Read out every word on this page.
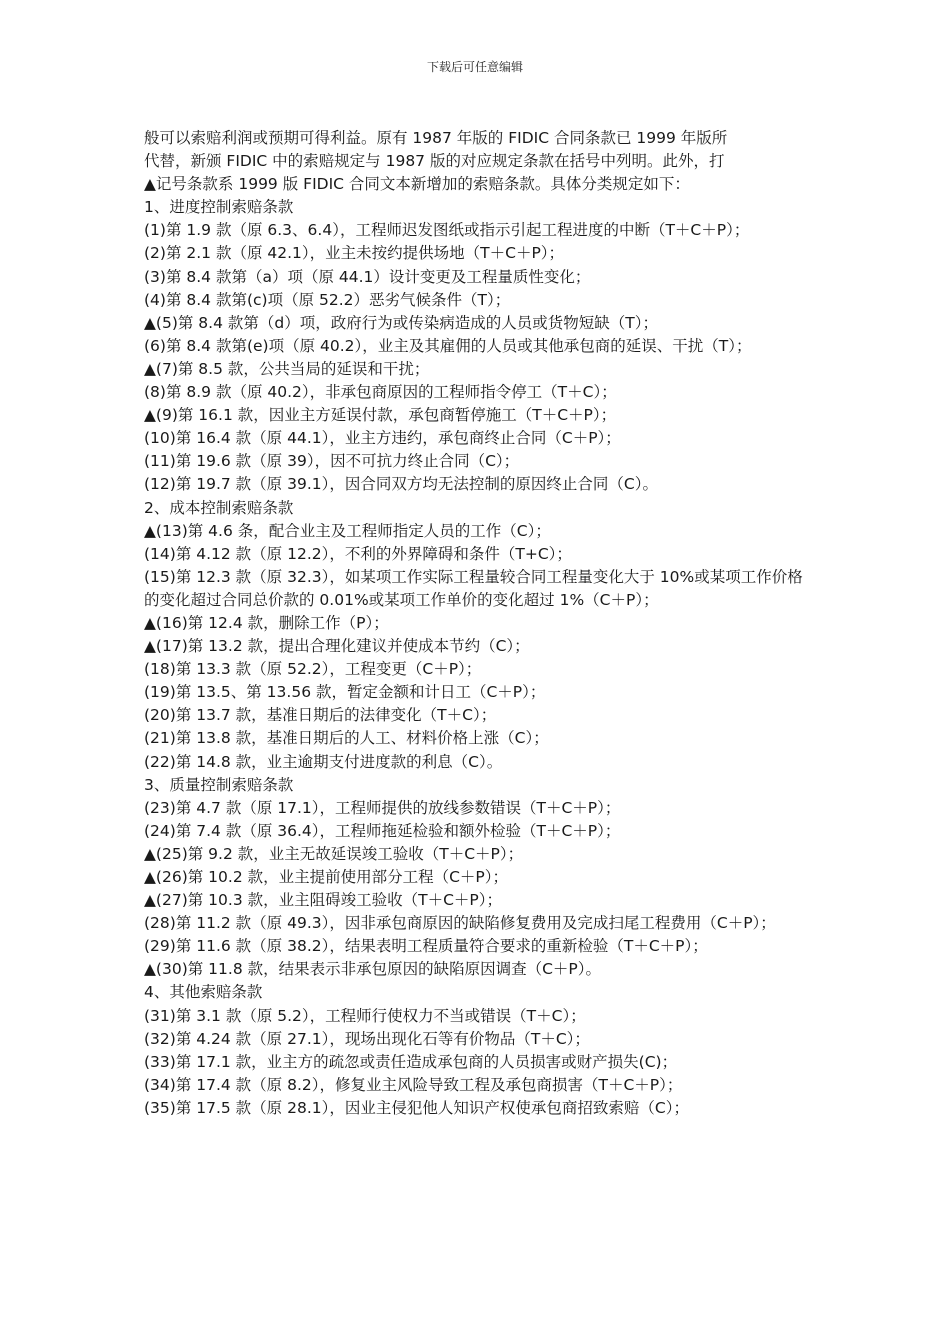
下载后可任意编辑

般可以索赔利润或预期可得利益。原有 1987 年版的 FIDIC 合同条款已 1999 年版所

代替，新颁 FIDIC 中的索赔规定与 1987 版的对应规定条款在括号中列明。此外，打

▲记号条款系 1999 版 FIDIC 合同文本新增加的索赔条款。具体分类规定如下：

1、进度控制索赔条款

(1)第 1.9 款（原 6.3、6.4），工程师迟发图纸或指示引起工程进度的中断（T＋C＋P）；

(2)第 2.1 款（原 42.1），业主未按约提供场地（T＋C＋P）；

(3)第 8.4 款第（a）项（原 44.1）设计变更及工程量质性变化；

(4)第 8.4 款第(c)项（原 52.2）恶劣气候条件（T）；

▲(5)第 8.4 款第（d）项，政府行为或传染病造成的人员或货物短缺（T）；

(6)第 8.4 款第(e)项（原 40.2），业主及其雇佣的人员或其他承包商的延误、干扰（T）；

▲(7)第 8.5 款，公共当局的延误和干扰；

(8)第 8.9 款（原 40.2），非承包商原因的工程师指令停工（T＋C）；

▲(9)第 16.1 款，因业主方延误付款，承包商暂停施工（T＋C＋P）；

(10)第 16.4 款（原 44.1），业主方违约，承包商终止合同（C＋P）；

(11)第 19.6 款（原 39），因不可抗力终止合同（C）；

(12)第 19.7 款（原 39.1），因合同双方均无法控制的原因终止合同（C）。

2、成本控制索赔条款

▲(13)第 4.6 条，配合业主及工程师指定人员的工作（C）；

(14)第 4.12 款（原 12.2），不利的外界障碍和条件（T+C）；

(15)第 12.3 款（原 32.3），如某项工作实际工程量较合同工程量变化大于 10%或某项工作价格的变化超过合同总价款的 0.01%或某项工作单价的变化超过 1%（C＋P）；

▲(16)第 12.4 款，删除工作（P）；

▲(17)第 13.2 款，提出合理化建议并使成本节约（C）；

(18)第 13.3 款（原 52.2），工程变更（C＋P）；

(19)第 13.5、第 13.56 款，暂定金额和计日工（C＋P）；

(20)第 13.7 款，基准日期后的法律变化（T＋C）；

(21)第 13.8 款，基准日期后的人工、材料价格上涨（C）；

(22)第 14.8 款，业主逾期支付进度款的利息（C）。

3、质量控制索赔条款

(23)第 4.7 款（原 17.1），工程师提供的放线参数错误（T＋C＋P）；

(24)第 7.4 款（原 36.4），工程师拖延检验和额外检验（T＋C＋P）；

▲(25)第 9.2 款，业主无故延误竣工验收（T＋C＋P）；

▲(26)第 10.2 款，业主提前使用部分工程（C＋P）；

▲(27)第 10.3 款，业主阻碍竣工验收（T＋C＋P）；

(28)第 11.2 款（原 49.3），因非承包商原因的缺陷修复费用及完成扫尾工程费用（C＋P）；

(29)第 11.6 款（原 38.2），结果表明工程质量符合要求的重新检验（T＋C＋P）；

▲(30)第 11.8 款，结果表示非承包原因的缺陷原因调查（C＋P）。

4、其他索赔条款

(31)第 3.1 款（原 5.2），工程师行使权力不当或错误（T＋C）；

(32)第 4.24 款（原 27.1），现场出现化石等有价物品（T＋C）；

(33)第 17.1 款，业主方的疏忽或责任造成承包商的人员损害或财产损失(C)；

(34)第 17.4 款（原 8.2），修复业主风险导致工程及承包商损害（T＋C＋P）；

(35)第 17.5 款（原 28.1），因业主侵犯他人知识产权使承包商招致索赔（C）；
